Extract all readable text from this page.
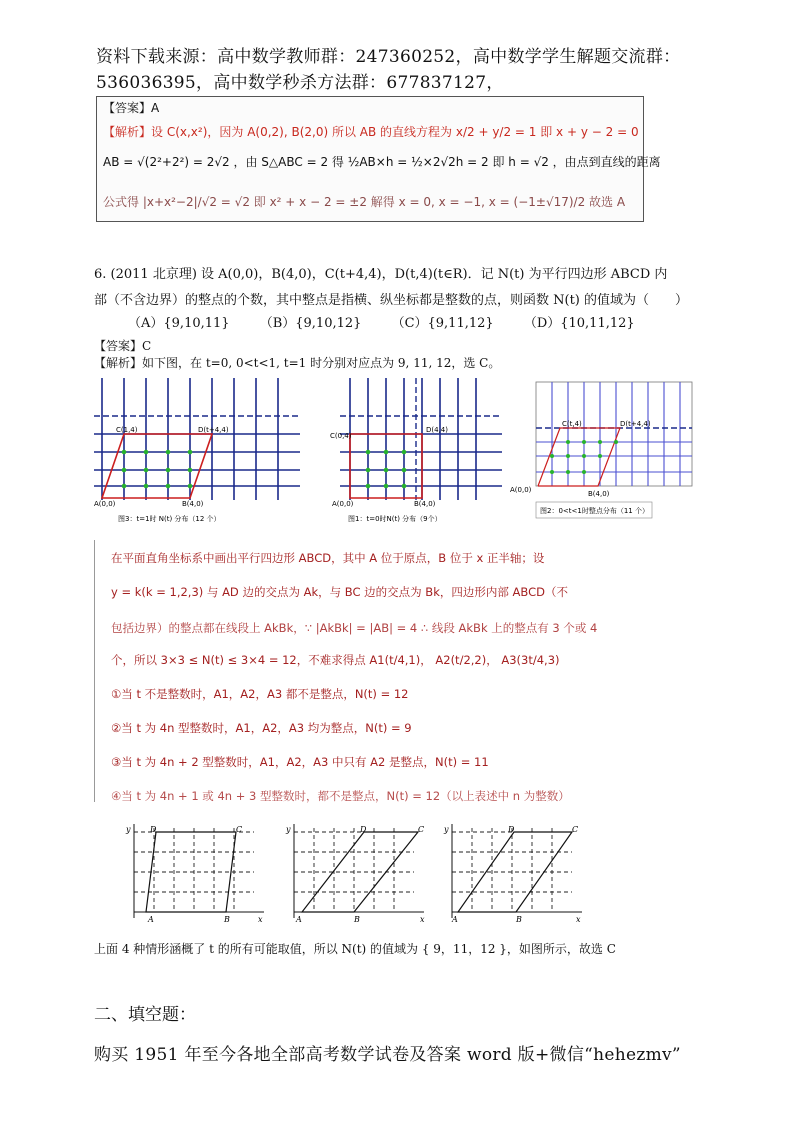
资料下载来源：高中数学教师群：247360252，高中数学学生解题交流群：
536036395，高中数学秒杀方法群：677837127，
【答案】A
【解析】设 C(x,x²)，因为 A(0,2), B(2,0) 所以 AB 的直线方程为 x/2 + y/2 = 1 即 x + y − 2 = 0
AB = √(2²+2²) = 2√2 ，由 S△ABC = 2 得 ½AB×h = ½×2√2h = 2 即 h = √2 ，由点到直线的距离
公式得 |x+x²−2|/√2 = √2 即 x² + x − 2 = ±2 解得 x = 0, x = −1, x = (−1±√17)/2 故选 A
6. (2011 北京理) 设 A(0,0)，B(4,0)，C(t+4,4)，D(t,4)(t∈R)．记 N(t) 为平行四边形 ABCD 内
部（不含边界）的整点的个数，其中整点是指横、纵坐标都是整数的点，则函数 N(t) 的值域为（　　）
（A）{9,10,11} （B）{9,10,12} （C）{9,11,12} （D）{10,11,12}
【答案】C
【解析】如下图，在 t=0, 0<t<1, t=1 时分别对应点为 9, 11, 12，选 C。
C(1,4)	D(t+4,4)
A(0,0)	B(4,0)
图3：t=1时 N(t) 分布（12 个）
C(0,4)
D(4,4)
A(0,0)	B(4,0)
图1：t=0时N(t) 分布（9个）
C(t,4)	D(t+4,4)
A(0,0)	B(4,0)
图2：0<t<1时整点分布（11 个）
在平面直角坐标系中画出平行四边形 ABCD，其中 A 位于原点，B 位于 x 正半轴；设
y = k(k = 1,2,3) 与 AD 边的交点为 Ak，与 BC 边的交点为 Bk，四边形内部 ABCD（不
包括边界）的整点都在线段上 AkBk，∵ |AkBk| = |AB| = 4 ∴ 线段 AkBk 上的整点有 3 个或 4
个，所以 3×3 ≤ N(t) ≤ 3×4 = 12，不难求得点 A1(t/4,1)， A2(t/2,2)， A3(3t/4,3)
①当 t 不是整数时，A1，A2，A3 都不是整点，N(t) = 12
②当 t 为 4n 型整数时，A1，A2，A3 均为整点，N(t) = 9
③当 t 为 4n + 2 型整数时，A1，A2，A3 中只有 A2 是整点，N(t) = 11
④当 t 为 4n + 1 或 4n + 3 型整数时，都不是整点，N(t) = 12（以上表述中 n 为整数）
y
x
A	B
C
D	y
x
A	B
C
D	y
x
A	B
C
D
上面 4 种情形涵概了 t 的所有可能取值，所以 N(t) 的值域为 { 9，11，12 }，如图所示，故选 C
二、填空题：
购买 1951 年至今各地全部高考数学试卷及答案 word 版+微信“hehezmv”
